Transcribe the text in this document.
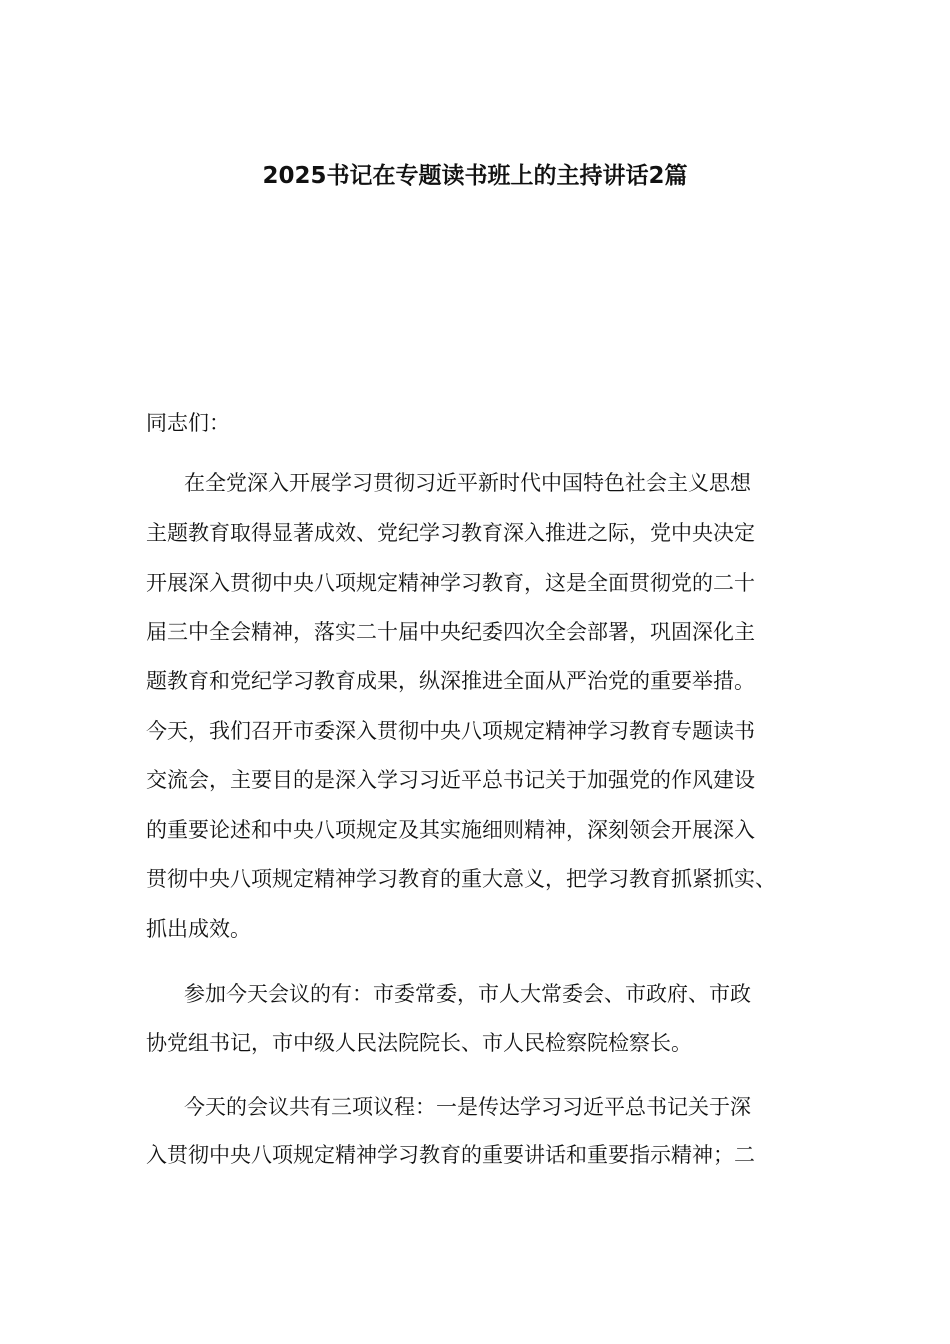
2025书记在专题读书班上的主持讲话2篇

同志们：

在全党深入开展学习贯彻习近平新时代中国特色社会主义思想

主题教育取得显著成效、党纪学习教育深入推进之际，党中央决定

开展深入贯彻中央八项规定精神学习教育，这是全面贯彻党的二十

届三中全会精神，落实二十届中央纪委四次全会部署，巩固深化主

题教育和党纪学习教育成果，纵深推进全面从严治党的重要举措。

今天，我们召开市委深入贯彻中央八项规定精神学习教育专题读书

交流会，主要目的是深入学习习近平总书记关于加强党的作风建设

的重要论述和中央八项规定及其实施细则精神，深刻领会开展深入

贯彻中央八项规定精神学习教育的重大意义，把学习教育抓紧抓实、

抓出成效。

参加今天会议的有：市委常委，市人大常委会、市政府、市政

协党组书记，市中级人民法院院长、市人民检察院检察长。

今天的会议共有三项议程：一是传达学习习近平总书记关于深

入贯彻中央八项规定精神学习教育的重要讲话和重要指示精神；二
